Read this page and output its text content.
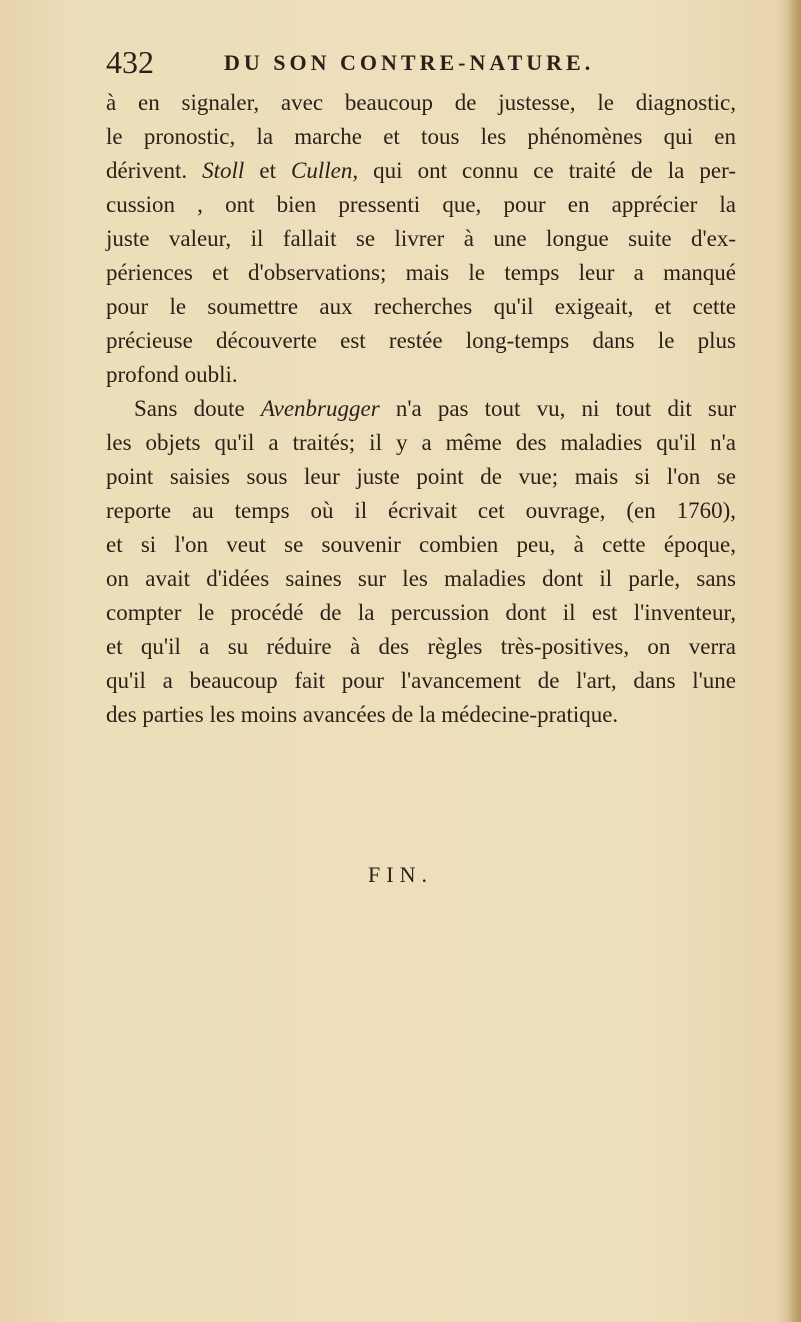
432	DU SON CONTRE-NATURE.
à en signaler, avec beaucoup de justesse, le diagnostic,
le pronostic, la marche et tous les phénomènes qui en
dérivent. Stoll et Cullen, qui ont connu ce traité de la per-
cussion , ont bien pressenti que, pour en apprécier la
juste valeur, il fallait se livrer à une longue suite d'ex-
périences et d'observations; mais le temps leur a manqué
pour le soumettre aux recherches qu'il exigeait, et cette
précieuse découverte est restée long-temps dans le plus
profond oubli.
Sans doute Avenbrugger n'a pas tout vu, ni tout dit sur
les objets qu'il a traités; il y a même des maladies qu'il n'a
point saisies sous leur juste point de vue; mais si l'on se
reporte au temps où il écrivait cet ouvrage, (en 1760),
et si l'on veut se souvenir combien peu, à cette époque,
on avait d'idées saines sur les maladies dont il parle, sans
compter le procédé de la percussion dont il est l'inventeur,
et qu'il a su réduire à des règles très-positives, on verra
qu'il a beaucoup fait pour l'avancement de l'art, dans l'une
des parties les moins avancées de la médecine-pratique.
FIN.
